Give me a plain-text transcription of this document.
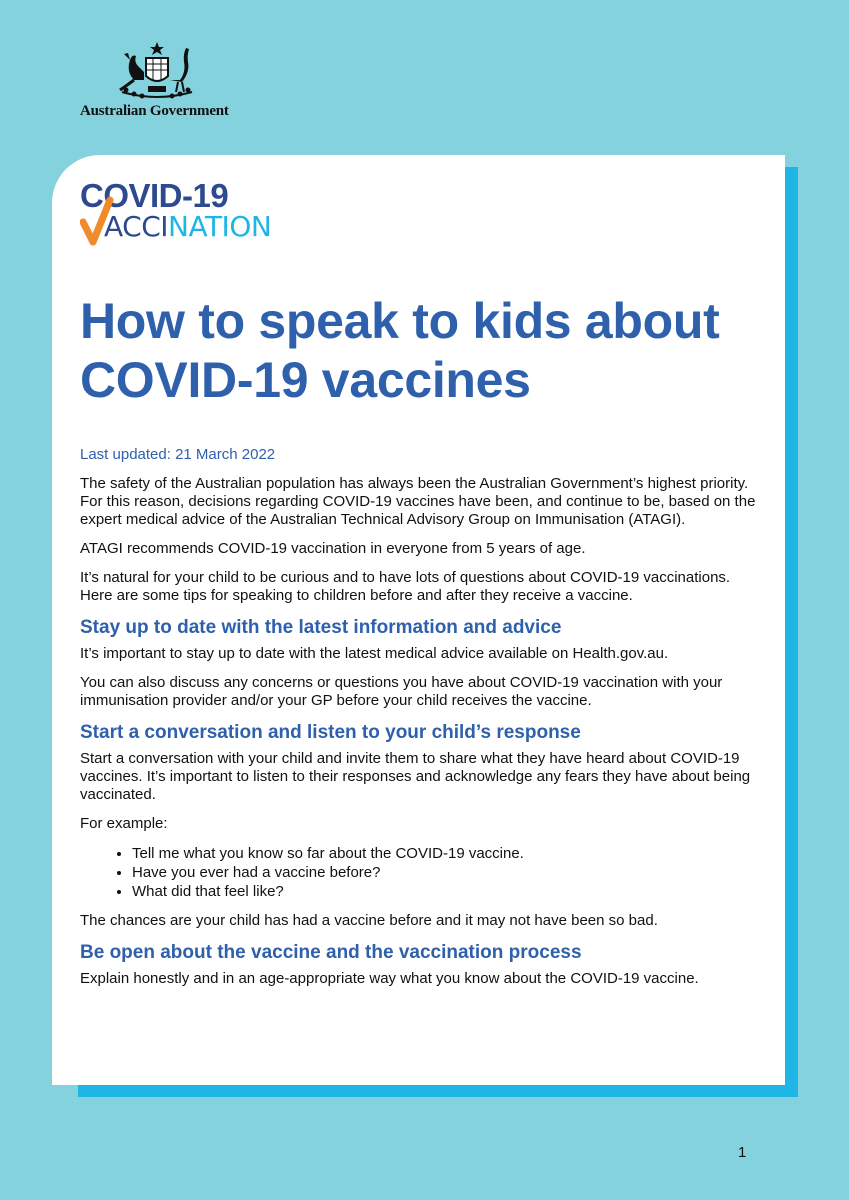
Australian Government
COVID-19
ACCINATION
How to speak to kids about COVID-19 vaccines

Last updated: 21 March 2022

The safety of the Australian population has always been the Australian Government’s highest priority. For this reason, decisions regarding COVID-19 vaccines have been, and continue to be, based on the expert medical advice of the Australian Technical Advisory Group on Immunisation (ATAGI).

ATAGI recommends COVID-19 vaccination in everyone from 5 years of age.

It’s natural for your child to be curious and to have lots of questions about COVID-19 vaccinations. Here are some tips for speaking to children before and after they receive a vaccine.

Stay up to date with the latest information and advice

It’s important to stay up to date with the latest medical advice available on Health.gov.au.

You can also discuss any concerns or questions you have about COVID-19 vaccination with your immunisation provider and/or your GP before your child receives the vaccine.

Start a conversation and listen to your child’s response

Start a conversation with your child and invite them to share what they have heard about COVID-19 vaccines. It’s important to listen to their responses and acknowledge any fears they have about being vaccinated.

For example:

• Tell me what you know so far about the COVID-19 vaccine.
• Have you ever had a vaccine before?
• What did that feel like?

The chances are your child has had a vaccine before and it may not have been so bad.

Be open about the vaccine and the vaccination process

Explain honestly and in an age-appropriate way what you know about the COVID-19 vaccine.

1
